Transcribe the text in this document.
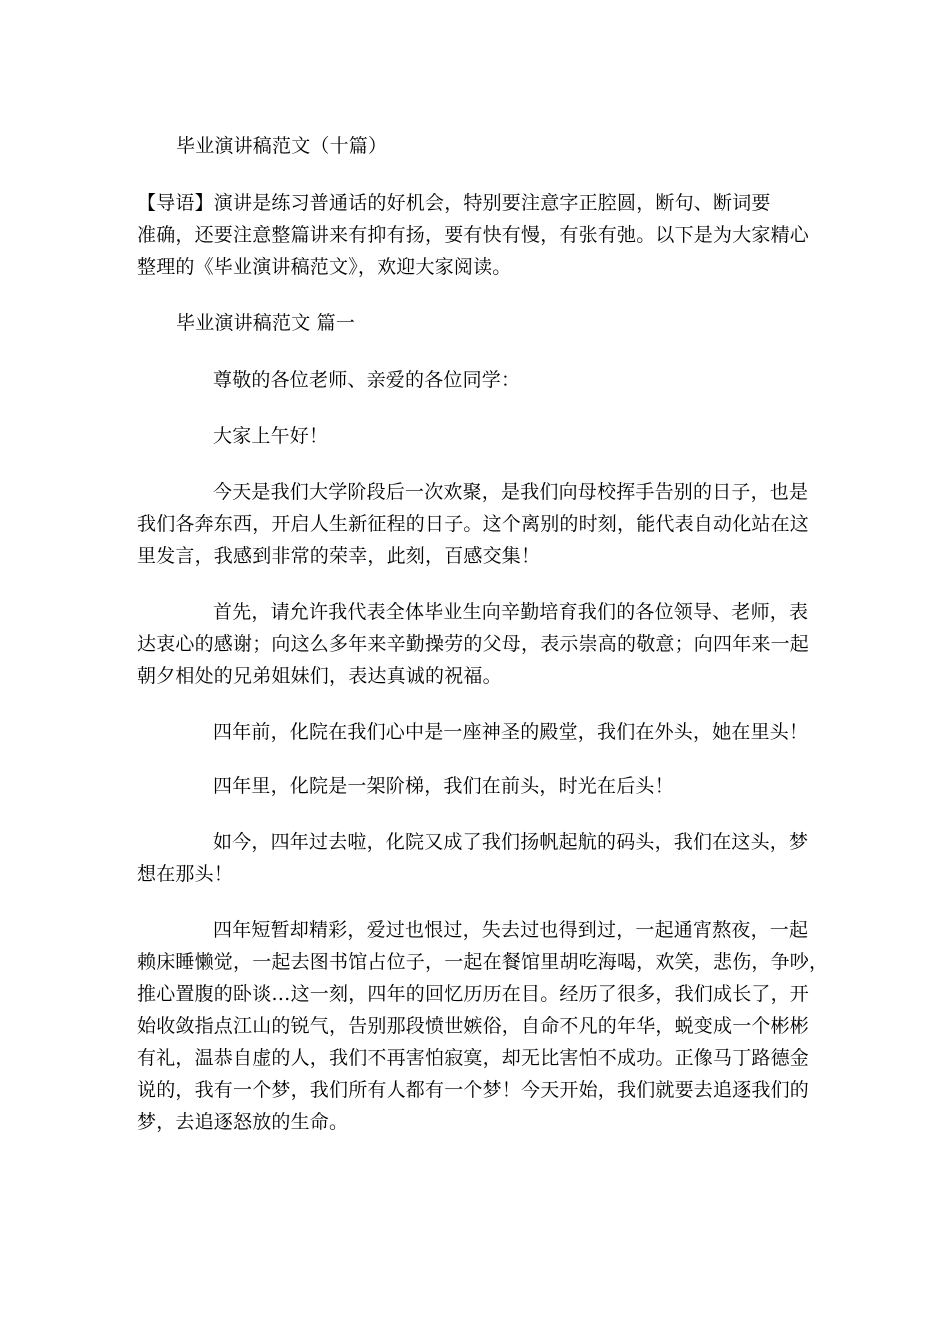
毕业演讲稿范文（十篇）
【导语】演讲是练习普通话的好机会，特别要注意字正腔圆，断句、断词要
准确，还要注意整篇讲来有抑有扬，要有快有慢，有张有弛。以下是为大家精心
整理的《毕业演讲稿范文》，欢迎大家阅读。
毕业演讲稿范文 篇一
尊敬的各位老师、亲爱的各位同学：
大家上午好！
今天是我们大学阶段后一次欢聚，是我们向母校挥手告别的日子，也是
我们各奔东西，开启人生新征程的日子。这个离别的时刻，能代表自动化站在这
里发言，我感到非常的荣幸，此刻，百感交集！
首先，请允许我代表全体毕业生向辛勤培育我们的各位领导、老师，表
达衷心的感谢；向这么多年来辛勤操劳的父母，表示崇高的敬意；向四年来一起
朝夕相处的兄弟姐妹们，表达真诚的祝福。
四年前，化院在我们心中是一座神圣的殿堂，我们在外头，她在里头！
四年里，化院是一架阶梯，我们在前头，时光在后头！
如今，四年过去啦，化院又成了我们扬帆起航的码头，我们在这头，梦
想在那头！
四年短暂却精彩，爱过也恨过，失去过也得到过，一起通宵熬夜，一起
赖床睡懒觉，一起去图书馆占位子，一起在餐馆里胡吃海喝，欢笑，悲伤，争吵，
推心置腹的卧谈…这一刻，四年的回忆历历在目。经历了很多，我们成长了，开
始收敛指点江山的锐气，告别那段愤世嫉俗，自命不凡的年华，蜕变成一个彬彬
有礼，温恭自虚的人，我们不再害怕寂寞，却无比害怕不成功。正像马丁路德金
说的，我有一个梦，我们所有人都有一个梦！今天开始，我们就要去追逐我们的
梦，去追逐怒放的生命。
